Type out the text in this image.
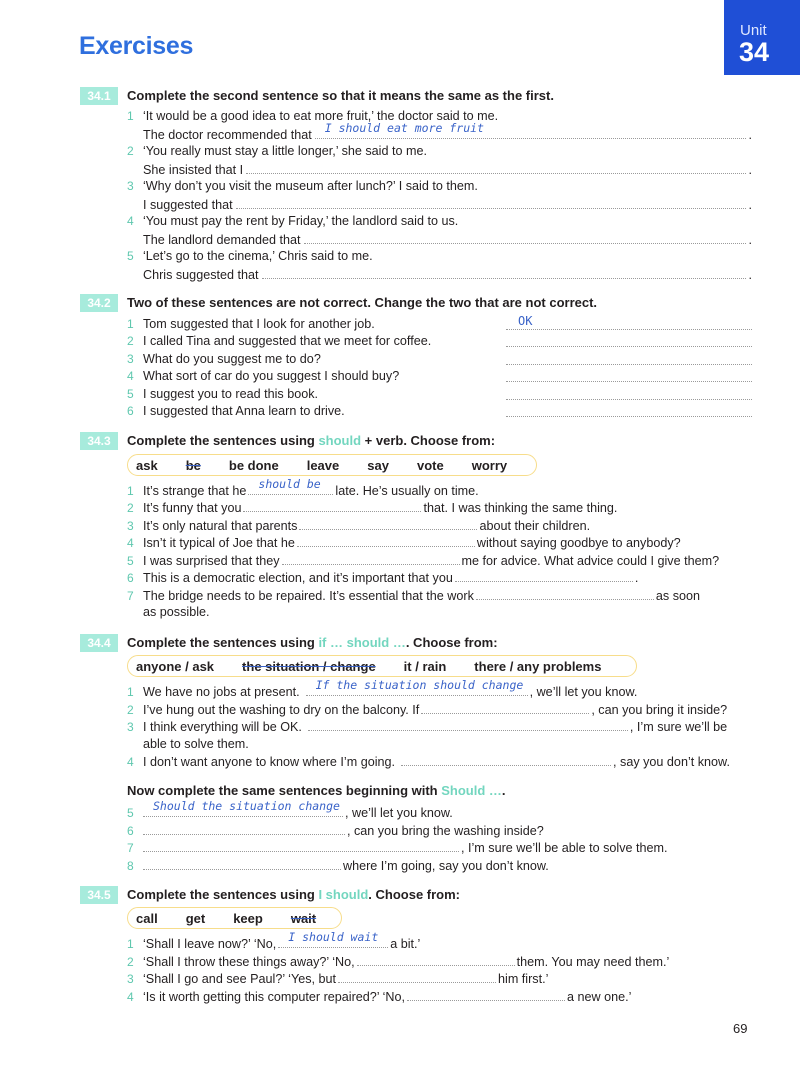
Exercises
Unit
34
34.1	Complete the second sentence so that it means the same as the first.
1 ‘It would be a good idea to eat more fruit,’ the doctor said to me.
The doctor recommended that I should eat more fruit	.
2 ‘You really must stay a little longer,’ she said to me.
She insisted that I	.
3 ‘Why don’t you visit the museum after lunch?’ I said to them.
I suggested that	.
4 ‘You must pay the rent by Friday,’ the landlord said to us.
The landlord demanded that	.
5 ‘Let’s go to the cinema,’ Chris said to me.
Chris suggested that	.
34.2	Two of these sentences are not correct. Change the two that are not correct.
1 Tom suggested that I look for another job.	OK
2 I called Tina and suggested that we meet for coffee.
3 What do you suggest me to do?
4 What sort of car do you suggest I should buy?
5 I suggest you to read this book.
6 I suggested that Anna learn to drive.
34.3	Complete the sentences using should + verb. Choose from:
ask be be done leave say vote worry
1 It’s strange that he should be late. He’s usually on time.
2 It’s funny that you	that. I was thinking the same thing.
3 It’s only natural that parents	about their children.
4 Isn’t it typical of Joe that he	without saying goodbye to anybody?
5 I was surprised that they	me for advice. What advice could I give them?
6 This is a democratic election, and it’s important that you	.
7 The bridge needs to be repaired. It’s essential that the work	as soon
as possible.
34.4	Complete the sentences using if … should …. Choose from:
anyone / ask the situation / change it / rain there / any problems
1 We have no jobs at present. If the situation should change , we’ll let you know.
2 I’ve hung out the washing to dry on the balcony. If	, can you bring it inside?
3 I think everything will be OK.	, I’m sure we’ll be
able to solve them.
4 I don’t want anyone to know where I’m going.	, say you don’t know.
Now complete the same sentences beginning with Should ….
5 Should the situation change , we’ll let you know.
6	, can you bring the washing inside?
7	, I’m sure we’ll be able to solve them.
8	where I’m going, say you don’t know.
34.5	Complete the sentences using I should. Choose from:
call get keep wait
1 ‘Shall I leave now?’ ‘No, I should wait a bit.’
2 ‘Shall I throw these things away?’ ‘No,	them. You may need them.’
3 ‘Shall I go and see Paul?’ ‘Yes, but	him first.’
4 ‘Is it worth getting this computer repaired?’ ‘No,	a new one.’
69
